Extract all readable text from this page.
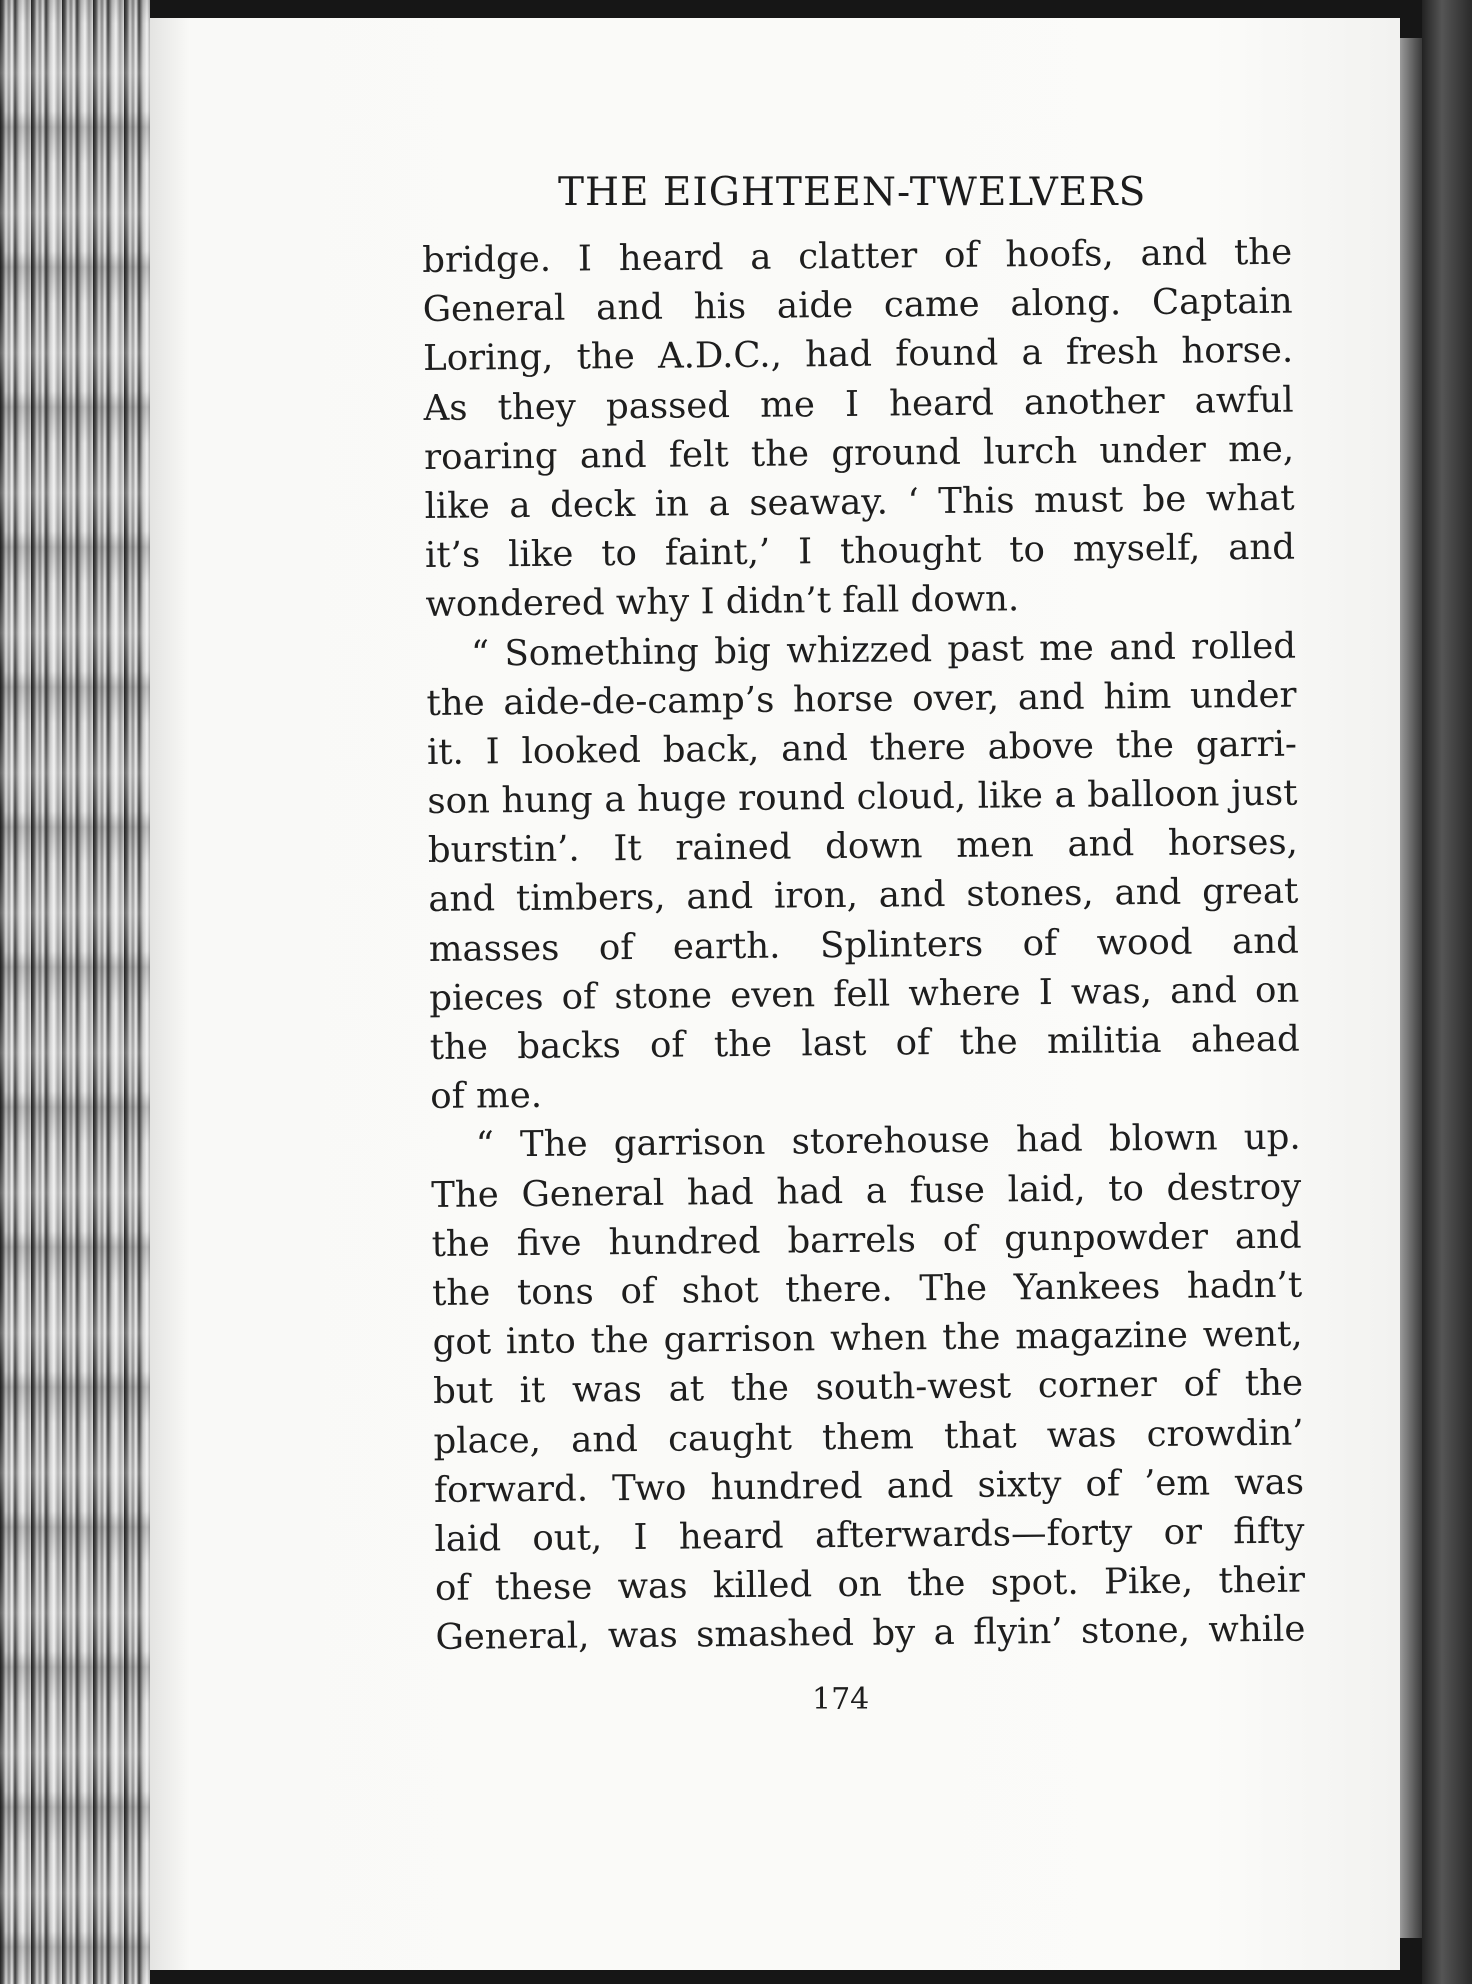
THE EIGHTEEN-TWELVERS
bridge. I heard a clatter of hoofs, and the
General and his aide came along. Captain
Loring, the A.D.C., had found a fresh horse.
As they passed me I heard another awful
roaring and felt the ground lurch under me,
like a deck in a seaway. ‘ This must be what
it’s like to faint,’ I thought to myself, and
wondered why I didn’t fall down.
“ Something big whizzed past me and rolled
the aide-de-camp’s horse over, and him under
it. I looked back, and there above the garri-
son hung a huge round cloud, like a balloon just
burstin’. It rained down men and horses,
and timbers, and iron, and stones, and great
masses of earth. Splinters of wood and
pieces of stone even fell where I was, and on
the backs of the last of the militia ahead
of me.
“ The garrison storehouse had blown up.
The General had had a fuse laid, to destroy
the five hundred barrels of gunpowder and
the tons of shot there. The Yankees hadn’t
got into the garrison when the magazine went,
but it was at the south-west corner of the
place, and caught them that was crowdin’
forward. Two hundred and sixty of ’em was
laid out, I heard afterwards—forty or fifty
of these was killed on the spot. Pike, their
General, was smashed by a flyin’ stone, while
174
